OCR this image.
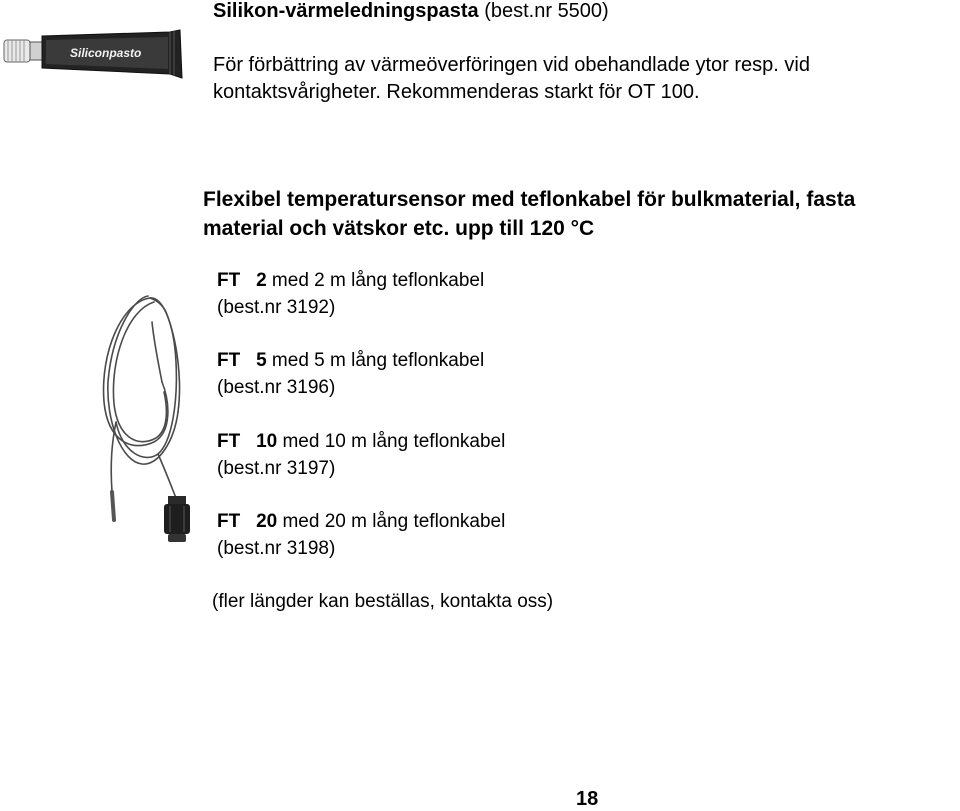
Siliconpasto
Silikon-värmeledningspasta (best.nr 5500)
För förbättring av värmeöverföringen vid obehandlade ytor resp. vid
kontaktsvårigheter. Rekommenderas starkt för OT 100.
Flexibel temperatursensor med teflonkabel för bulkmaterial, fasta
material och vätskor etc. upp till 120 °C
FT 2 med 2 m lång teflonkabel
(best.nr 3192)
FT 5 med 5 m lång teflonkabel
(best.nr 3196)
FT 10 med 10 m lång teflonkabel
(best.nr 3197)
FT 20 med 20 m lång teflonkabel
(best.nr 3198)
(fler längder kan beställas, kontakta oss)
18
